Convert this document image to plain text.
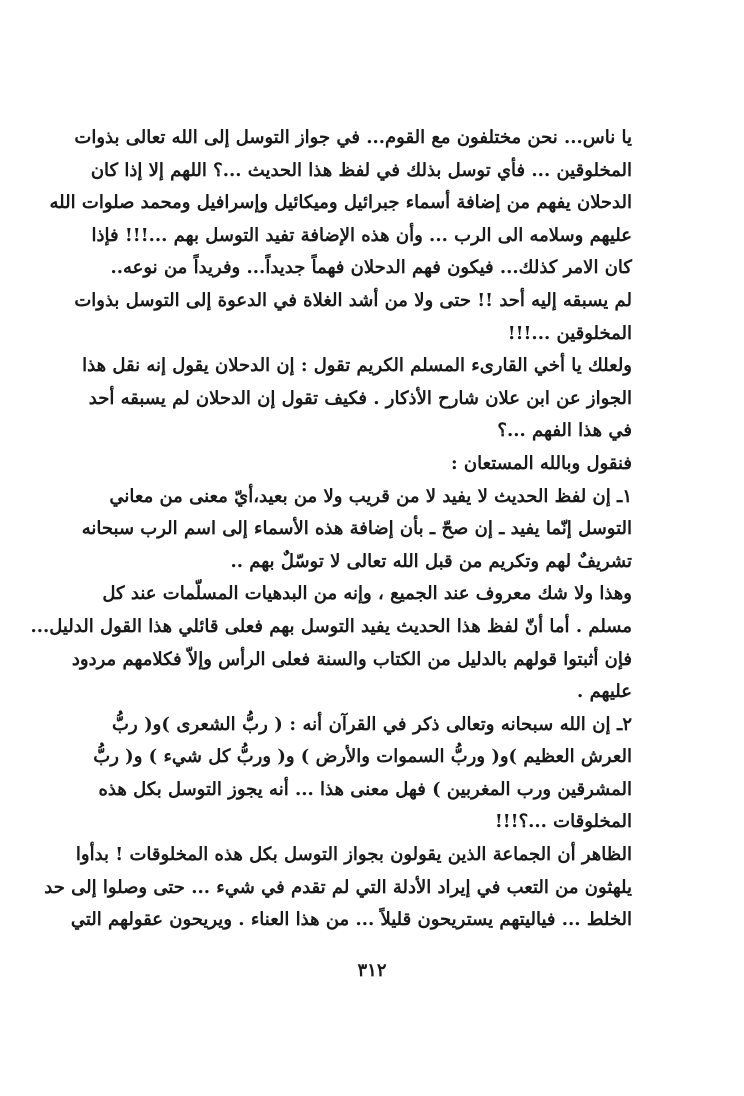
يا ناس... نحن مختلفون مع القوم... في جواز التوسل إلى الله تعالى بذوات
المخلوقين ... فأي توسل بذلك في لفظ هذا الحديث ...؟ اللهم إلا إذا كان
الدحلان يفهم من إضافة أسماء جبرائيل وميكائيل وإسرافيل ومحمد صلوات الله
عليهم وسلامه الى الرب ... وأن هذه الإضافة تفيد التوسل بهم ...!!! فإذا
كان الامر كذلك... فيكون فهم الدحلان فهماً جديداً... وفريداً من نوعه..
لم يسبقه إليه أحد !! حتى ولا من أشد الغلاة في الدعوة إلى التوسل بذوات
المخلوقين ...!!!
ولعلك يا أخي القارىء المسلم الكريم تقول : إن الدحلان يقول إنه نقل هذا
الجواز عن ابن علان شارح الأذكار . فكيف تقول إن الدحلان لم يسبقه أحد
في هذا الفهم ...؟
فنقول وبالله المستعان :
١ـ إن لفظ الحديث لا يفيد لا من قريب ولا من بعيد،أيّ معنى من معاني
التوسل إنّما يفيد ـ إن صحّ ـ بأن إضافة هذه الأسماء إلى اسم الرب سبحانه
تشريفٌ لهم وتكريم من قبل الله تعالى لا توسّلٌ بهم ..
وهذا ولا شك معروف عند الجميع ، وإنه من البدهيات المسلّمات عند كل
مسلم . أما أنّ لفظ هذا الحديث يفيد التوسل بهم فعلى قائلي هذا القول الدليل...
فإن أثبتوا قولهم بالدليل من الكتاب والسنة فعلى الرأس وإلاّ فكلامهم مردود
عليهم .
٢ـ إن الله سبحانه وتعالى ذكر في القرآن أنه : ( ربُّ الشعرى )و( ربُّ
العرش العظيم )و( وربُّ السموات والأرض ) و( وربُّ كل شيء ) و( ربُّ
المشرقين ورب المغربين ) فهل معنى هذا ... أنه يجوز التوسل بكل هذه
المخلوقات ...؟!!!
الظاهر أن الجماعة الذين يقولون بجواز التوسل بكل هذه المخلوقات ! بدأوا
يلهثون من التعب في إيراد الأدلة التي لم تقدم في شيء ... حتى وصلوا إلى حد
الخلط ... فياليتهم يستريحون قليلاً ... من هذا العناء . ويريحون عقولهم التي
٣١٢
